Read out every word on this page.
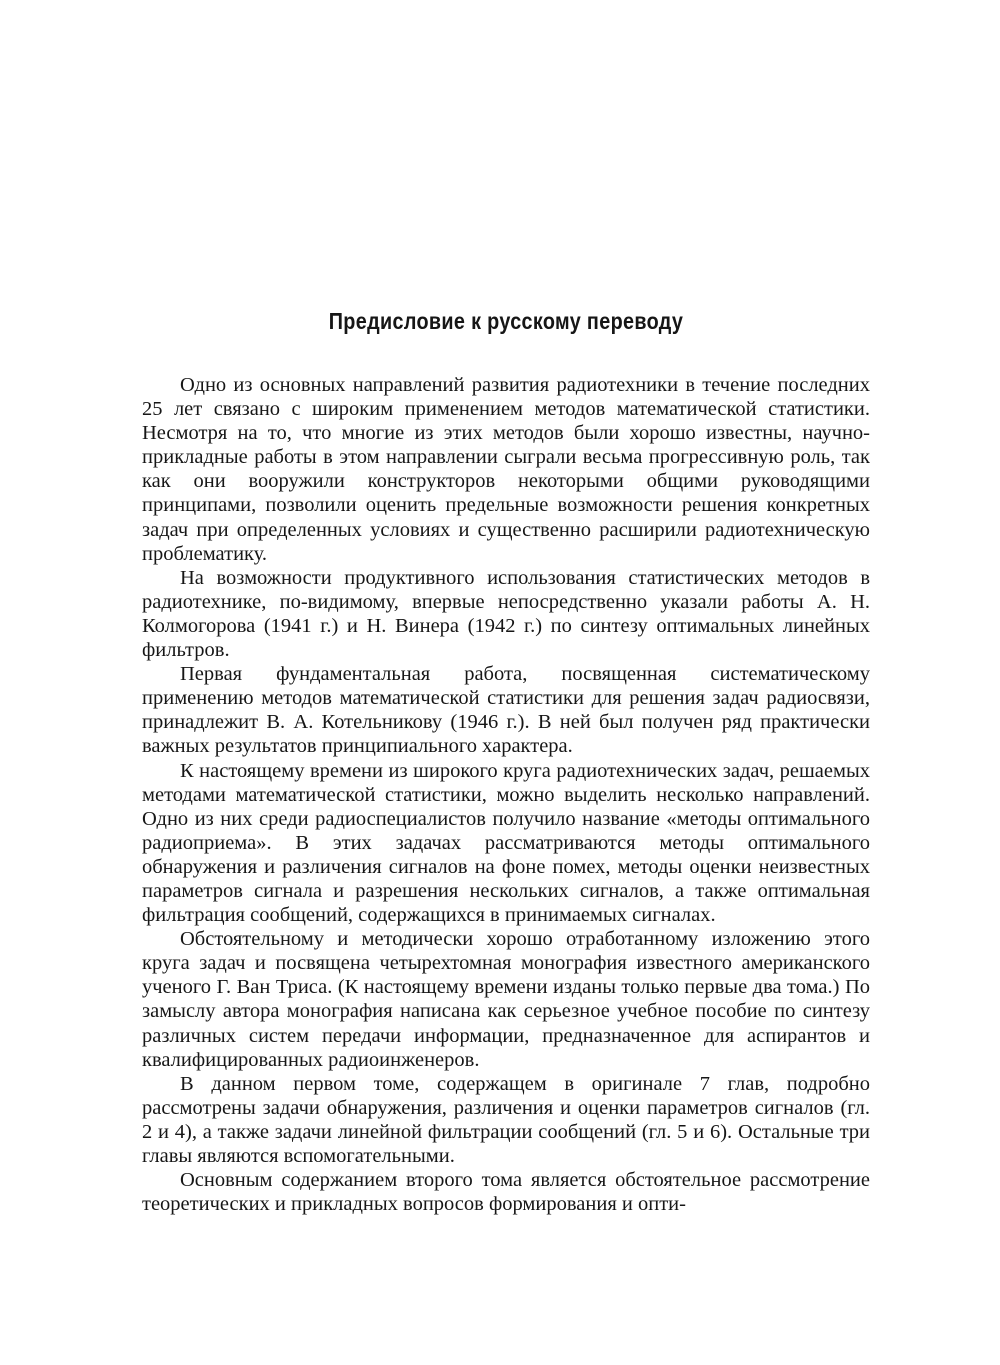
Предисловие к русскому переводу

Одно из основных направлений развития радиотехники в течение последних 25 лет связано с широким применением методов математической статистики. Несмотря на то, что многие из этих методов были хорошо известны, научно-прикладные работы в этом направлении сыграли весьма прогрессивную роль, так как они вооружили конструкторов некоторыми общими руководящими принципами, позволили оценить предельные возможности решения конкретных задач при определенных условиях и существенно расширили радиотехническую проблематику.

На возможности продуктивного использования статистических методов в радиотехнике, по-видимому, впервые непосредственно указали работы А. Н. Колмогорова (1941 г.) и Н. Винера (1942 г.) по синтезу оптимальных линейных фильтров.

Первая фундаментальная работа, посвященная систематическому применению методов математической статистики для решения задач радиосвязи, принадлежит В. А. Котельникову (1946 г.). В ней был получен ряд практически важных результатов принципиального характера.

К настоящему времени из широкого круга радиотехнических задач, решаемых методами математической статистики, можно выделить несколько направлений. Одно из них среди радиоспециалистов получило название «методы оптимального радиоприема». В этих задачах рассматриваются методы оптимального обнаружения и различения сигналов на фоне помех, методы оценки неизвестных параметров сигнала и разрешения нескольких сигналов, а также оптимальная фильтрация сообщений, содержащихся в принимаемых сигналах.

Обстоятельному и методически хорошо отработанному изложению этого круга задач и посвящена четырехтомная монография известного американского ученого Г. Ван Триса. (К настоящему времени изданы только первые два тома.) По замыслу автора монография написана как серьезное учебное пособие по синтезу различных систем передачи информации, предназначенное для аспирантов и квалифицированных радиоинженеров.

В данном первом томе, содержащем в оригинале 7 глав, подробно рассмотрены задачи обнаружения, различения и оценки параметров сигналов (гл. 2 и 4), а также задачи линейной фильтрации сообщений (гл. 5 и 6). Остальные три главы являются вспомогательными.

Основным содержанием второго тома является обстоятельное рассмотрение теоретических и прикладных вопросов формирования и опти-
